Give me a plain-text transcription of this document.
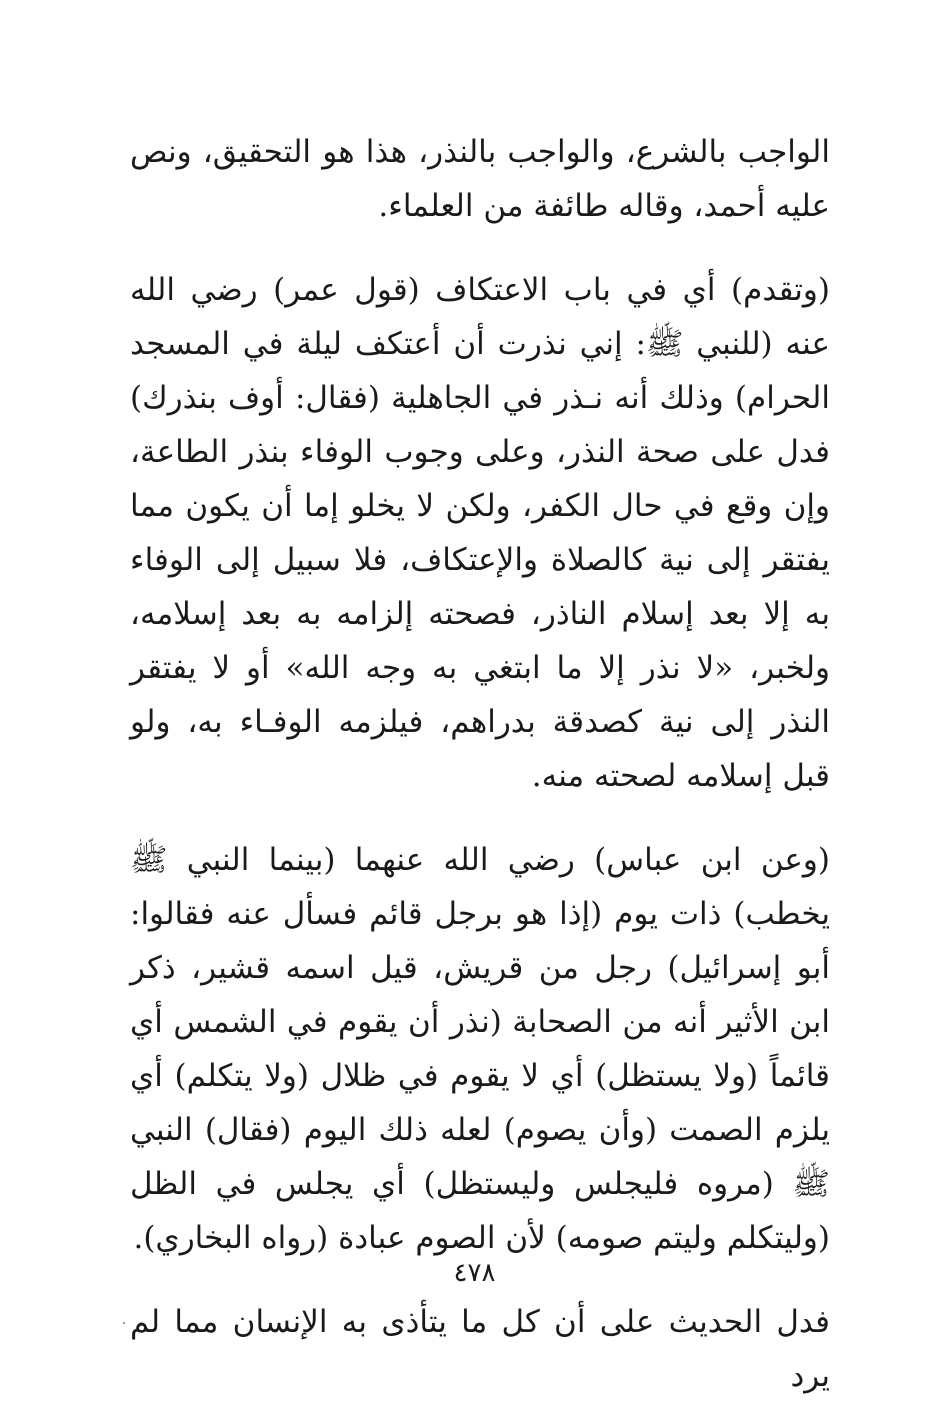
الواجب بالشرع، والواجب بالنذر، هذا هو التحقيق، ونص عليه أحمد، وقاله طائفة من العلماء.

(وتقدم) أي في باب الاعتكاف (قول عمر) رضي الله عنه (للنبي ﷺ: إني نذرت أن أعتكف ليلة في المسجد الحرام) وذلك أنه نـذر في الجاهلية (فقال: أوف بنذرك) فدل على صحة النذر، وعلى وجوب الوفاء بنذر الطاعة، وإن وقع في حال الكفر، ولكن لا يخلو إما أن يكون مما يفتقر إلى نية كالصلاة والإعتكاف، فلا سبيل إلى الوفاء به إلا بعد إسلام الناذر، فصحته إلزامه به بعد إسلامه، ولخبر، «لا نذر إلا ما ابتغي به وجه الله» أو لا يفتقر النذر إلى نية كصدقة بدراهم، فيلزمه الوفـاء به، ولو قبل إسلامه لصحته منه.

(وعن ابن عباس) رضي الله عنهما (بينما النبي ﷺ يخطب) ذات يوم (إذا هو برجل قائم فسأل عنه فقالوا: أبو إسرائيل) رجل من قريش، قيل اسمه قشير، ذكر ابن الأثير أنه من الصحابة (نذر أن يقوم في الشمس أي قائماً (ولا يستظل) أي لا يقوم في ظلال (ولا يتكلم) أي يلزم الصمت (وأن يصوم) لعله ذلك اليوم (فقال) النبي ﷺ (مروه فليجلس وليستظل) أي يجلس في الظل (وليتكلم وليتم صومه) لأن الصوم عبادة (رواه البخاري).

فدل الحديث على أن كل ما يتأذى به الإنسان مما لم يرد

٤٧٨
